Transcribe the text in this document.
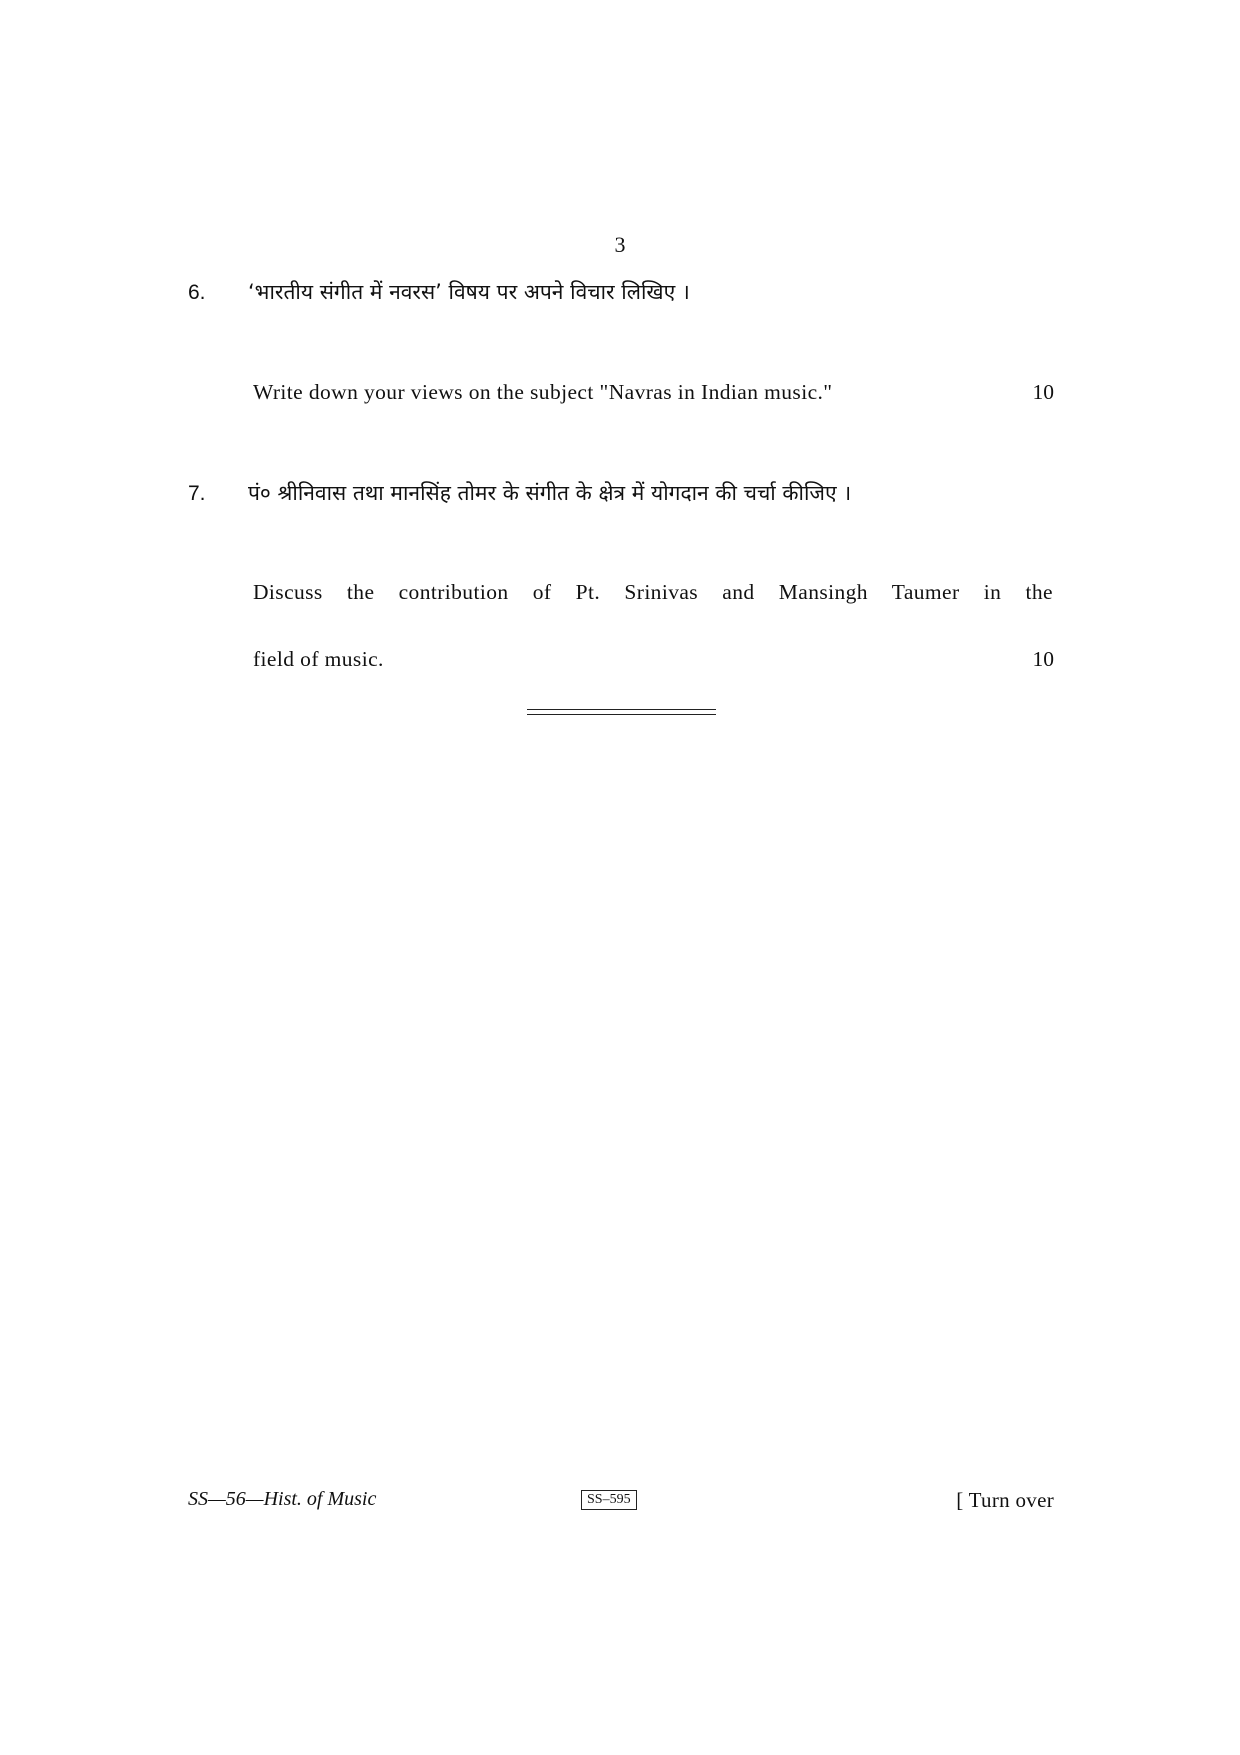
3
6. ‘भारतीय संगीत में नवरस’ विषय पर अपने विचार लिखिए ।
Write down your views on the subject "Navras in Indian music."	10
7. पं० श्रीनिवास तथा मानसिंह तोमर के संगीत के क्षेत्र में योगदान की चर्चा कीजिए ।
Discuss the contribution of Pt. Srinivas and Mansingh Taumer in the
field of music.	10
SS—56—Hist. of Music	SS–595	[ Turn over
